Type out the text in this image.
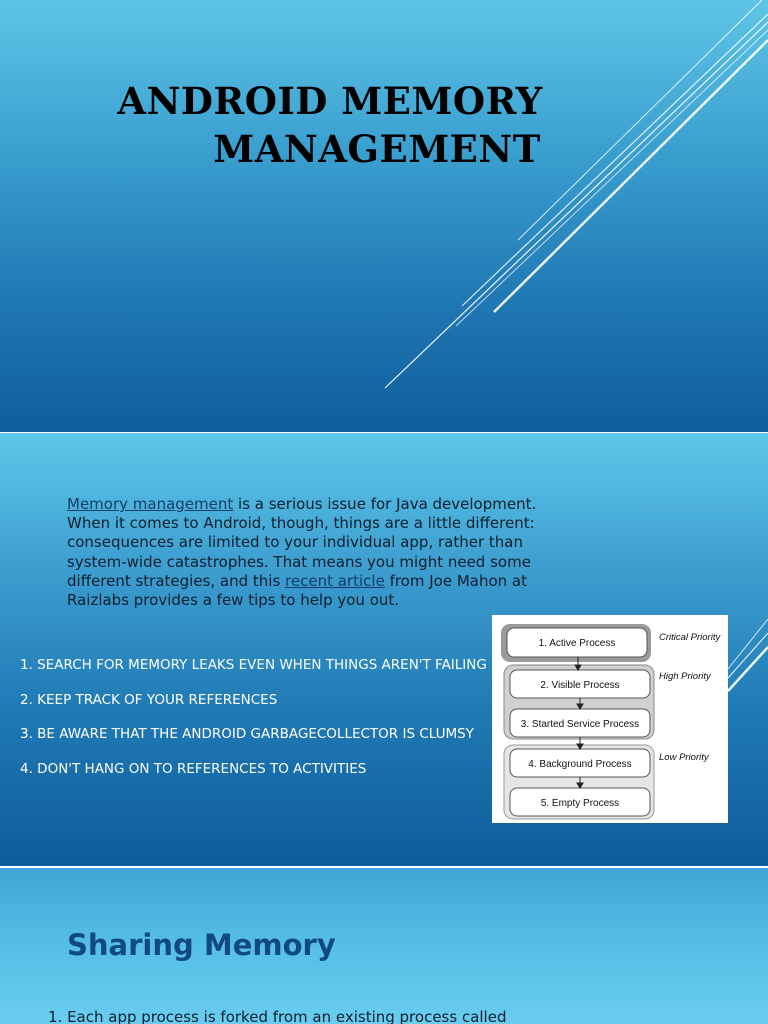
ANDROID MEMORY
MANAGEMENT

Memory management is a serious issue for Java development. When it comes to Android, though, things are a little different: consequences are limited to your individual app, rather than system-wide catastrophes. That means you might need some different strategies, and this recent article from Joe Mahon at Raizlabs provides a few tips to help you out.

1. SEARCH FOR MEMORY LEAKS EVEN WHEN THINGS AREN'T FAILING
2. KEEP TRACK OF YOUR REFERENCES
3. BE AWARE THAT THE ANDROID GARBAGECOLLECTOR IS CLUMSY
4. DON'T HANG ON TO REFERENCES TO ACTIVITIES
1. Active Process
2. Visible Process
3. Started Service Process
4. Background Process
5. Empty Process
Critical Priority
High Priority
Low Priority
Sharing Memory

1. Each app process is forked from an existing process called
